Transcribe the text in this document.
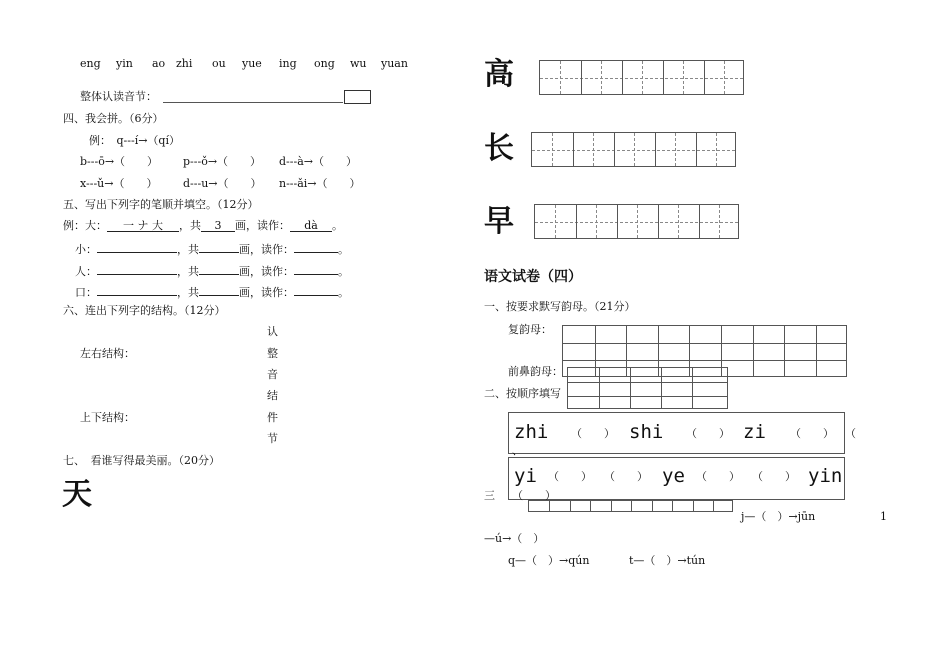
eng yin ao zhi ou yue ing ong wu yuan
整体认读音节：
四、我会拼。（6分）
例：　q---í→（qí）
b---ō→（　　） p---ǒ→（　　） d---à→（　　）
x---ǔ→（　　） d---u→（　　） n---ǎi→（　　）
五、写出下列字的笔顺并填空。（12分）
例：大： 一 ナ 大 ，共 3 画，读作： dà 。
小：	，共	画，读作：	。
人：	，共	画，读作：	。
口：	，共	画，读作：	。
六、连出下列字的结构。（12分）
左右结构：
上下结构：
认
整
音
结
件
节
七、　看谁写得最美丽。（20分）
天
高
长
早
语文试卷（四）
一、按要求默写韵母。（21分）
复韵母：
前鼻韵母：
二、按顺序填写
zhi （　　） shi （　　） zi （　　） （
、
yi （　　） （　　） ye （　　） （　　） yin
三 （　　）
j—（　）→jūn	1
—ú→（　）
q—（　）→qún	t—（　）→tún
